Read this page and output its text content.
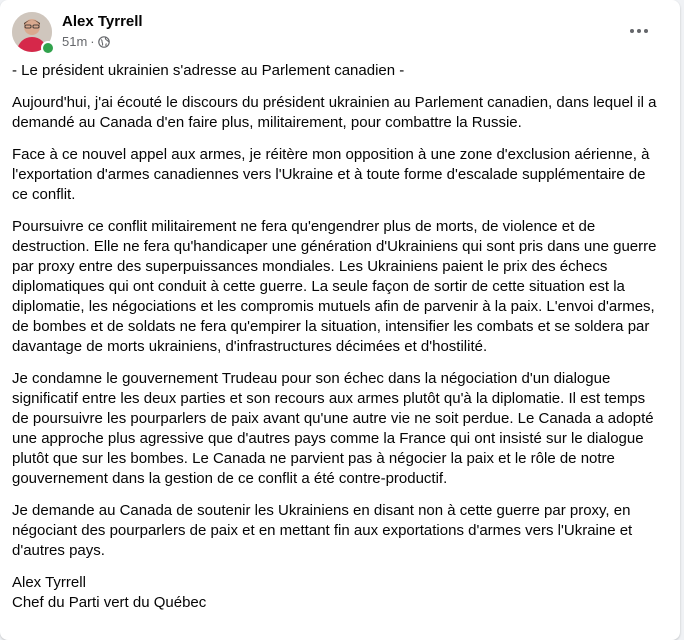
Alex Tyrrell
51m ·

- Le président ukrainien s'adresse au Parlement canadien -

Aujourd'hui, j'ai écouté le discours du président ukrainien au Parlement canadien, dans lequel il a demandé au Canada d'en faire plus, militairement, pour combattre la Russie.

Face à ce nouvel appel aux armes, je réitère mon opposition à une zone d'exclusion aérienne, à l'exportation d'armes canadiennes vers l'Ukraine et à toute forme d'escalade supplémentaire de ce conflit.

Poursuivre ce conflit militairement ne fera qu'engendrer plus de morts, de violence et de destruction. Elle ne fera qu'handicaper une génération d'Ukrainiens qui sont pris dans une guerre par proxy entre des superpuissances mondiales. Les Ukrainiens paient le prix des échecs diplomatiques qui ont conduit à cette guerre. La seule façon de sortir de cette situation est la diplomatie, les négociations et les compromis mutuels afin de parvenir à la paix. L'envoi d'armes, de bombes et de soldats ne fera qu'empirer la situation, intensifier les combats et se soldera par davantage de morts ukrainiens, d'infrastructures décimées et d'hostilité.

Je condamne le gouvernement Trudeau pour son échec dans la négociation d'un dialogue significatif entre les deux parties et son recours aux armes plutôt qu'à la diplomatie. Il est temps de poursuivre les pourparlers de paix avant qu'une autre vie ne soit perdue. Le Canada a adopté une approche plus agressive que d'autres pays comme la France qui ont insisté sur le dialogue plutôt que sur les bombes. Le Canada ne parvient pas à négocier la paix et le rôle de notre gouvernement dans la gestion de ce conflit a été contre-productif.

Je demande au Canada de soutenir les Ukrainiens en disant non à cette guerre par proxy, en négociant des pourparlers de paix et en mettant fin aux exportations d'armes vers l'Ukraine et d'autres pays.

Alex Tyrrell

Chef du Parti vert du Québec
